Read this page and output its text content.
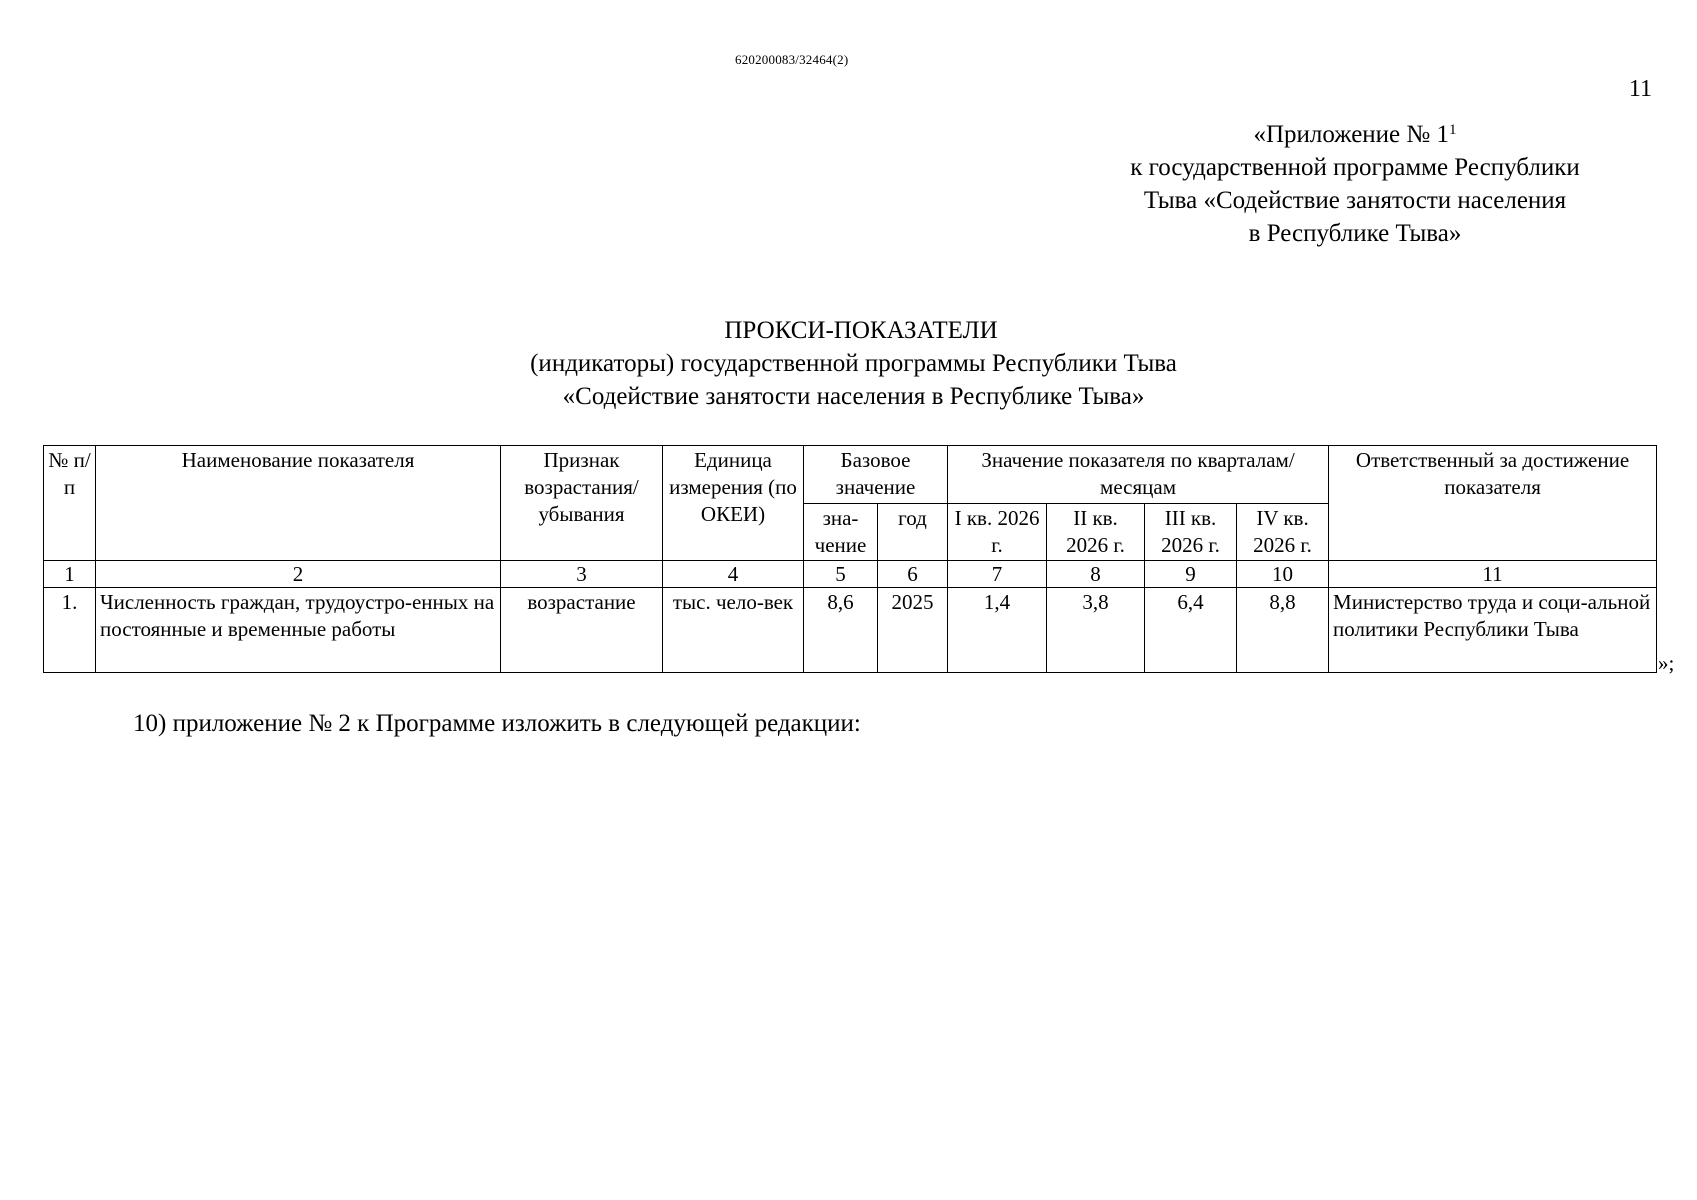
620200083/32464(2)
11
«Приложение № $1^1$
к государственной программе Республики
Тыва «Содействие занятости населения
в Республике Тыва»
ПРОКСИ-ПОКАЗАТЕЛИ
(индикаторы) государственной программы Республики Тыва
«Содействие занятости населения в Республике Тыва»
№ п/п	Наименование показателя	Признак возрастания/ убывания	Единица измерения (по ОКЕИ)	Базовое значение		Значение показателя по кварталам/ месяцам				Ответственный за достижение показателя
				зна-чение	год	I кв. 2026 г.	II кв. 2026 г.	III кв. 2026 г.	IV кв. 2026 г.	
1	2	3	4	5	6	7	8	9	10	11
1.	Численность граждан, трудоустро-енных на постоянные и временные работы	возрастание	тыс. чело-век	8,6	2025	1,4	3,8	6,4	8,8	Министерство труда и соци-альной политики Республики Тыва
»;
10) приложение № 2 к Программе изложить в следующей редакции:
